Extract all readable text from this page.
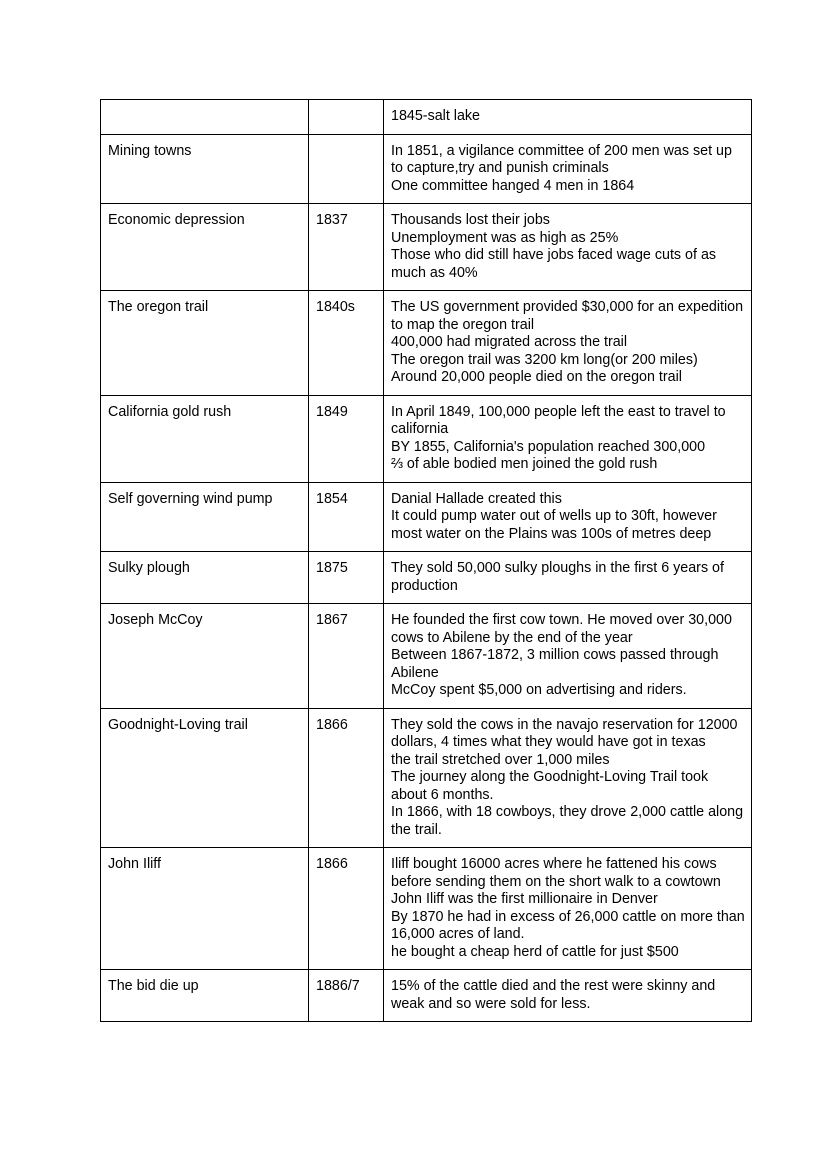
		1845-salt lake

Mining towns		In 1851, a vigilance committee of 200 men was set up to capture,try and punish criminals
One committee hanged 4 men in 1864

Economic depression	1837	Thousands lost their jobs
Unemployment was as high as 25%
Those who did still have jobs faced wage cuts of as much as 40%

The oregon trail	1840s	The US government provided $30,000 for an expedition to map the oregon trail
400,000 had migrated across the trail
The oregon trail was 3200 km long(or 200 miles)
Around 20,000 people died on the oregon trail

California gold rush	1849	In April 1849, 100,000 people left the east to travel to california
BY 1855, California's population reached 300,000
⅔ of able bodied men joined the gold rush

Self governing wind pump	1854	Danial Hallade created this
It could pump water out of wells up to 30ft, however most water on the Plains was 100s of metres deep

Sulky plough	1875	They sold 50,000 sulky ploughs in the first 6 years of production

Joseph McCoy	1867	He founded the first cow town. He moved over 30,000 cows to Abilene by the end of the year
Between 1867-1872, 3 million cows passed through Abilene
McCoy spent $5,000 on advertising and riders.

Goodnight-Loving trail	1866	They sold the cows in the navajo reservation for 12000 dollars, 4 times what they would have got in texas
the trail stretched over 1,000 miles
The journey along the Goodnight-Loving Trail took about 6 months.
In 1866, with 18 cowboys, they drove 2,000 cattle along the trail.

John Iliff	1866	Iliff bought 16000 acres where he fattened his cows before sending them on the short walk to a cowtown
John Iliff was the first millionaire in Denver
By 1870 he had in excess of 26,000 cattle on more than 16,000 acres of land.
he bought a cheap herd of cattle for just $500

The bid die up	1886/7	15% of the cattle died and the rest were skinny and weak and so were sold for less.
